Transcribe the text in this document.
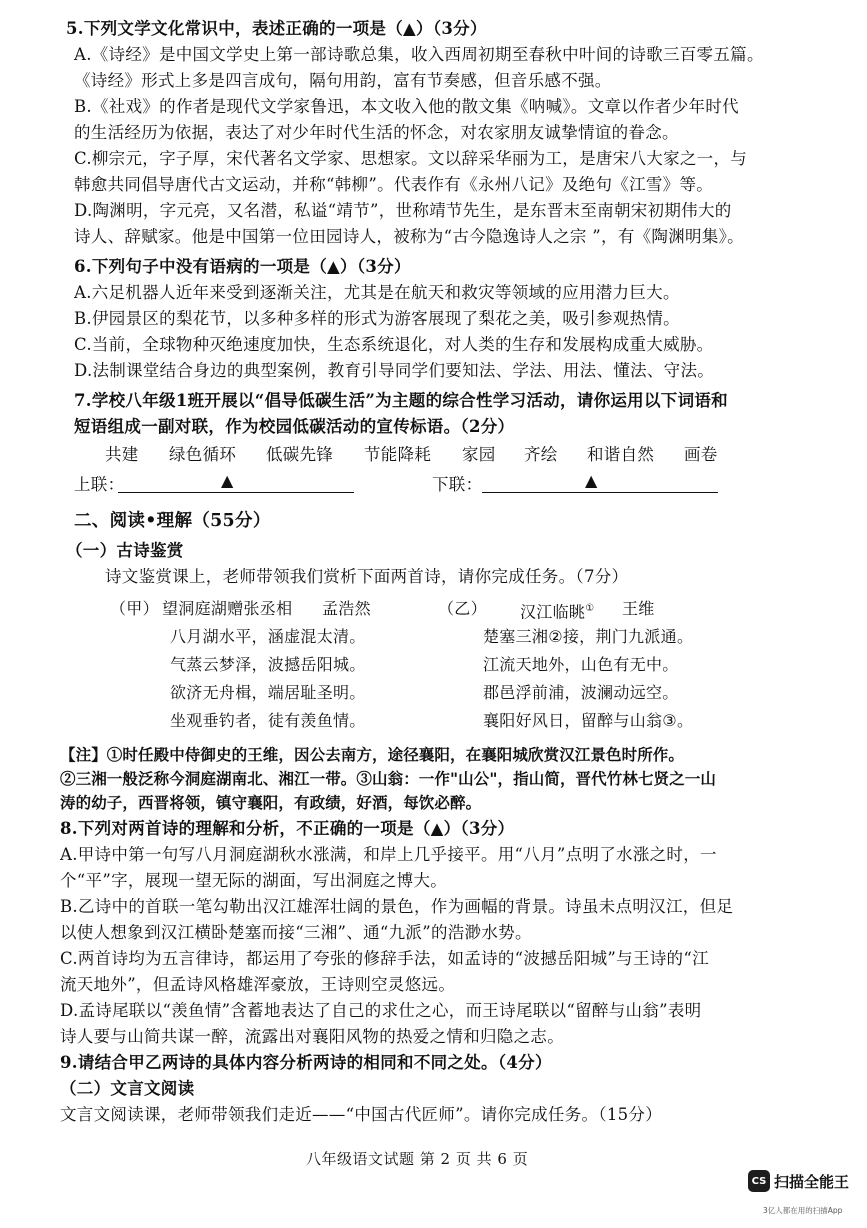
5.下列文学文化常识中，表述正确的一项是（▲）（3分）
A.《诗经》是中国文学史上第一部诗歌总集，收入西周初期至春秋中叶间的诗歌三百零五篇。
《诗经》形式上多是四言成句，隔句用韵，富有节奏感，但音乐感不强。
B.《社戏》的作者是现代文学家鲁迅，本文收入他的散文集《呐喊》。文章以作者少年时代
的生活经历为依据，表达了对少年时代生活的怀念，对农家朋友诚挚情谊的眷念。
C.柳宗元，字子厚，宋代著名文学家、思想家。文以辞采华丽为工，是唐宋八大家之一，与
韩愈共同倡导唐代古文运动，并称“韩柳”。代表作有《永州八记》及绝句《江雪》等。
D.陶渊明，字元亮，又名潜，私谥“靖节”，世称靖节先生，是东晋末至南朝宋初期伟大的
诗人、辞赋家。他是中国第一位田园诗人，被称为“古今隐逸诗人之宗 ”，有《陶渊明集》。
6.下列句子中没有语病的一项是（▲）（3分）
A.六足机器人近年来受到逐渐关注，尤其是在航天和救灾等领域的应用潜力巨大。
B.伊园景区的梨花节，以多种多样的形式为游客展现了梨花之美，吸引参观热情。
C.当前，全球物种灭绝速度加快，生态系统退化，对人类的生存和发展构成重大威胁。
D.法制课堂结合身边的典型案例，教育引导同学们要知法、学法、用法、懂法、守法。
7.学校八年级1班开展以“倡导低碳生活”为主题的综合性学习活动，请你运用以下词语和
短语组成一副对联，作为校园低碳活动的宣传标语。（2分）
共建 绿色循环 低碳先锋 节能降耗 家园 齐绘 和谐自然 画卷
上联：	▲	下联：	▲
二、阅读•理解（55分）
（一）古诗鉴赏
诗文鉴赏课上，老师带领我们赏析下面两首诗，请你完成任务。（7分）
（甲） 望洞庭湖赠张丞相 孟浩然
八月湖水平，涵虚混太清。
气蒸云梦泽，波撼岳阳城。
欲济无舟楫，端居耻圣明。
坐观垂钓者，徒有羡鱼情。
（乙） 汉江临眺① 王维
楚塞三湘②接，荆门九派通。
江流天地外，山色有无中。
郡邑浮前浦，波澜动远空。
襄阳好风日，留醉与山翁③。
【注】①时任殿中侍御史的王维，因公去南方，途径襄阳，在襄阳城欣赏汉江景色时所作。
②三湘一般泛称今洞庭湖南北、湘江一带。③山翁：一作"山公"，指山简，晋代竹林七贤之一山
涛的幼子，西晋将领，镇守襄阳，有政绩，好酒，每饮必醉。
8.下列对两首诗的理解和分析，不正确的一项是（▲）（3分）
A.甲诗中第一句写八月洞庭湖秋水涨满，和岸上几乎接平。用“八月”点明了水涨之时，一
个“平”字，展现一望无际的湖面，写出洞庭之博大。
B.乙诗中的首联一笔勾勒出汉江雄浑壮阔的景色，作为画幅的背景。诗虽未点明汉江，但足
以使人想象到汉江横卧楚塞而接“三湘”、通“九派”的浩渺水势。
C.两首诗均为五言律诗，都运用了夸张的修辞手法，如孟诗的“波撼岳阳城”与王诗的“江
流天地外”，但孟诗风格雄浑豪放，王诗则空灵悠远。
D.孟诗尾联以“羡鱼情”含蓄地表达了自己的求仕之心，而王诗尾联以“留醉与山翁”表明
诗人要与山简共谋一醉，流露出对襄阳风物的热爱之情和归隐之志。
9.请结合甲乙两诗的具体内容分析两诗的相同和不同之处。（4分）
（二）文言文阅读
文言文阅读课，老师带领我们走近——“中国古代匠师”。请你完成任务。（15分）
八年级语文试题 第 2 页 共 6 页
CS 扫描全能王
3亿人都在用的扫描App
